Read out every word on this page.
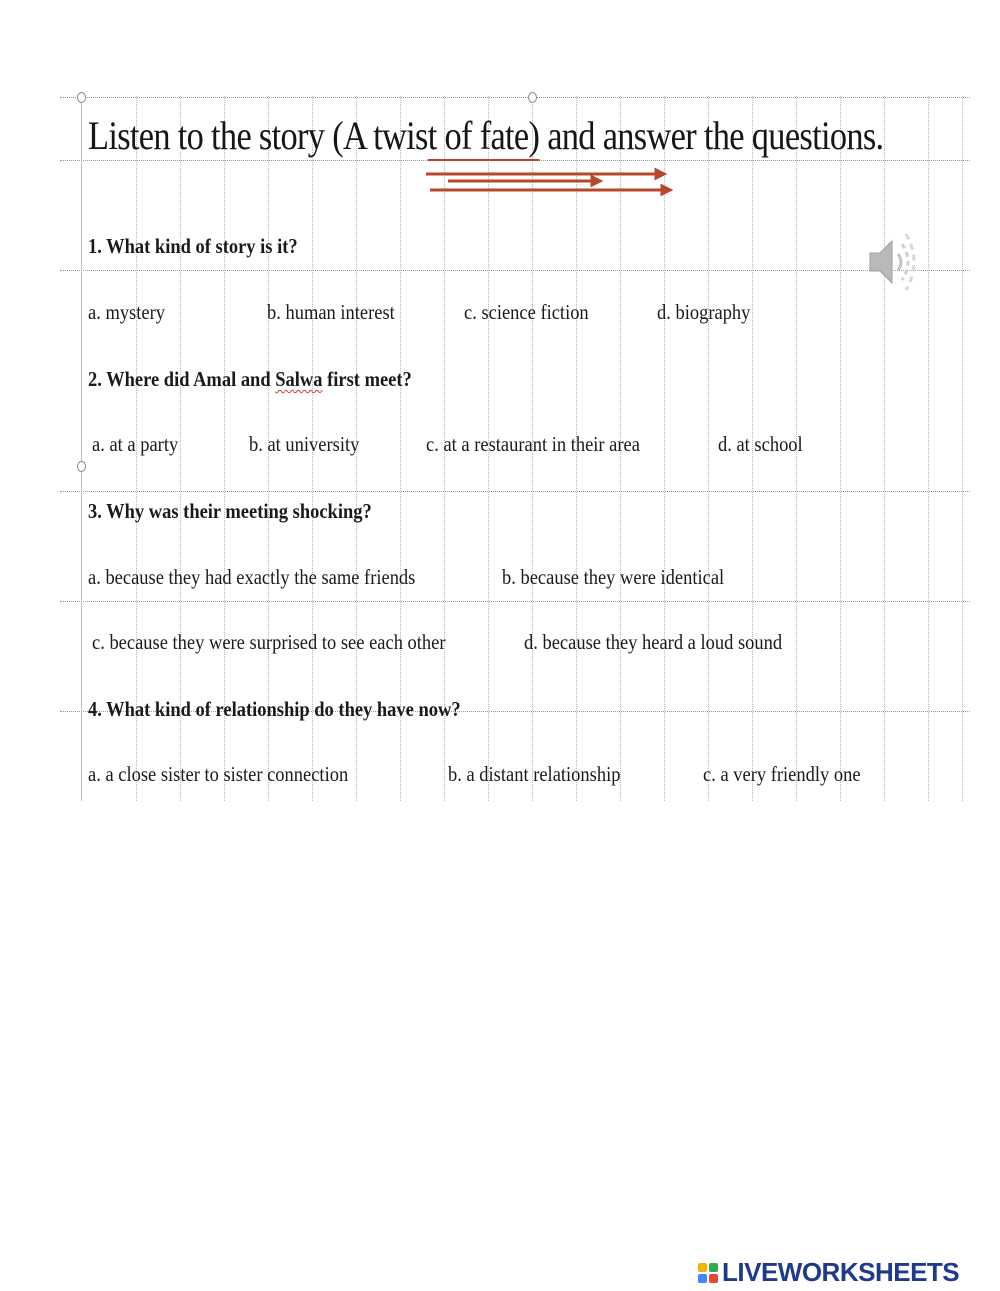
Listen to the story (A twist of fate) and answer the questions.
1. What kind of story is it?
a. mystery	b. human interest	c. science fiction	d. biography
2. Where did Amal and Salwa first meet?
a. at a party	b. at university	c. at a restaurant in their area	d. at school
3. Why was their meeting shocking?
a. because they had exactly the same friends	b. because they were identical
c. because they were surprised to see each other	d. because they heard a loud sound
4. What kind of relationship do they have now?
a. a close sister to sister connection	b. a distant relationship	c. a very friendly one
LIVEWORKSHEETS
